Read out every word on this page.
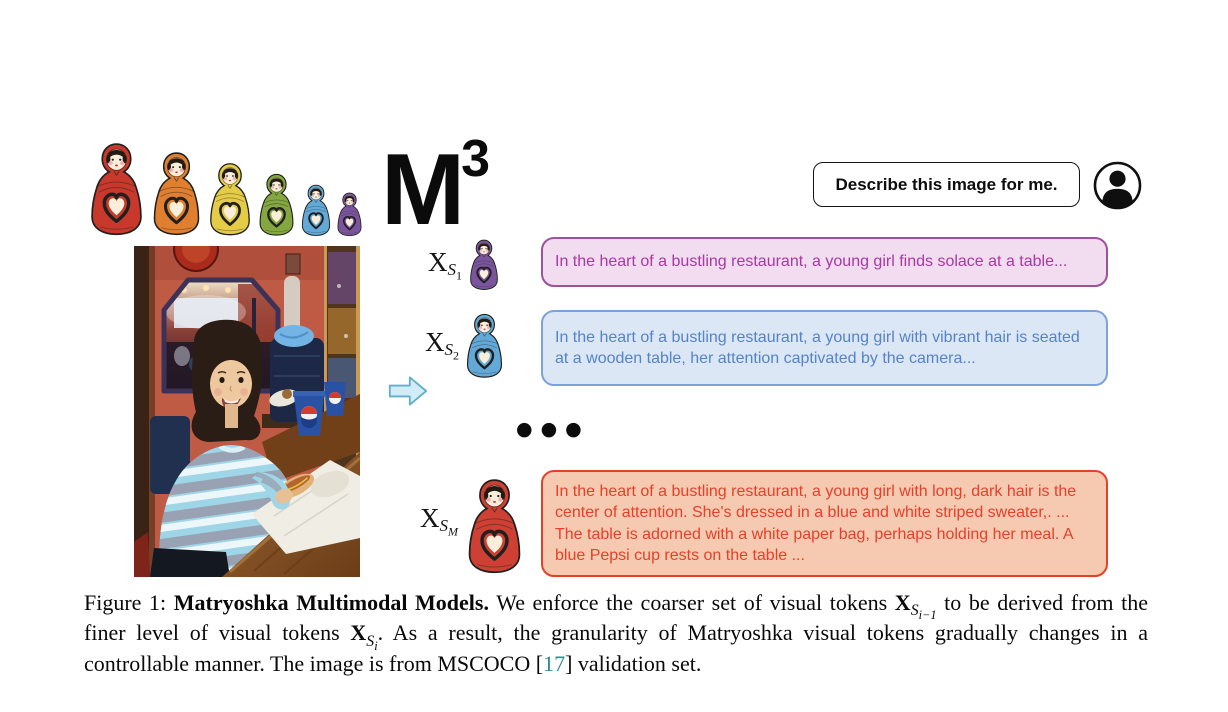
$M^3$	Describe this image for me.
$X_{S_1}$
In the heart of a bustling restaurant, a young girl finds solace at a table...
$X_{S_2}$
In the heart of a bustling restaurant, a young girl with vibrant hair is seated at a wooden table, her attention captivated by the camera...
●●●
$X_{S_M}$
In the heart of a bustling restaurant, a young girl with long, dark hair is the center of attention. She's dressed in a blue and white striped sweater,. ... The table is adorned with a white paper bag, perhaps holding her meal. A blue Pepsi cup rests on the table ...

Figure 1: Matryoshka Multimodal Models. We enforce the coarser set of visual tokens $X_{S_{i-1}}$ to be derived from the finer level of visual tokens $X_{S_i}$. As a result, the granularity of Matryoshka visual tokens gradually changes in a controllable manner. The image is from MSCOCO [17] validation set.
